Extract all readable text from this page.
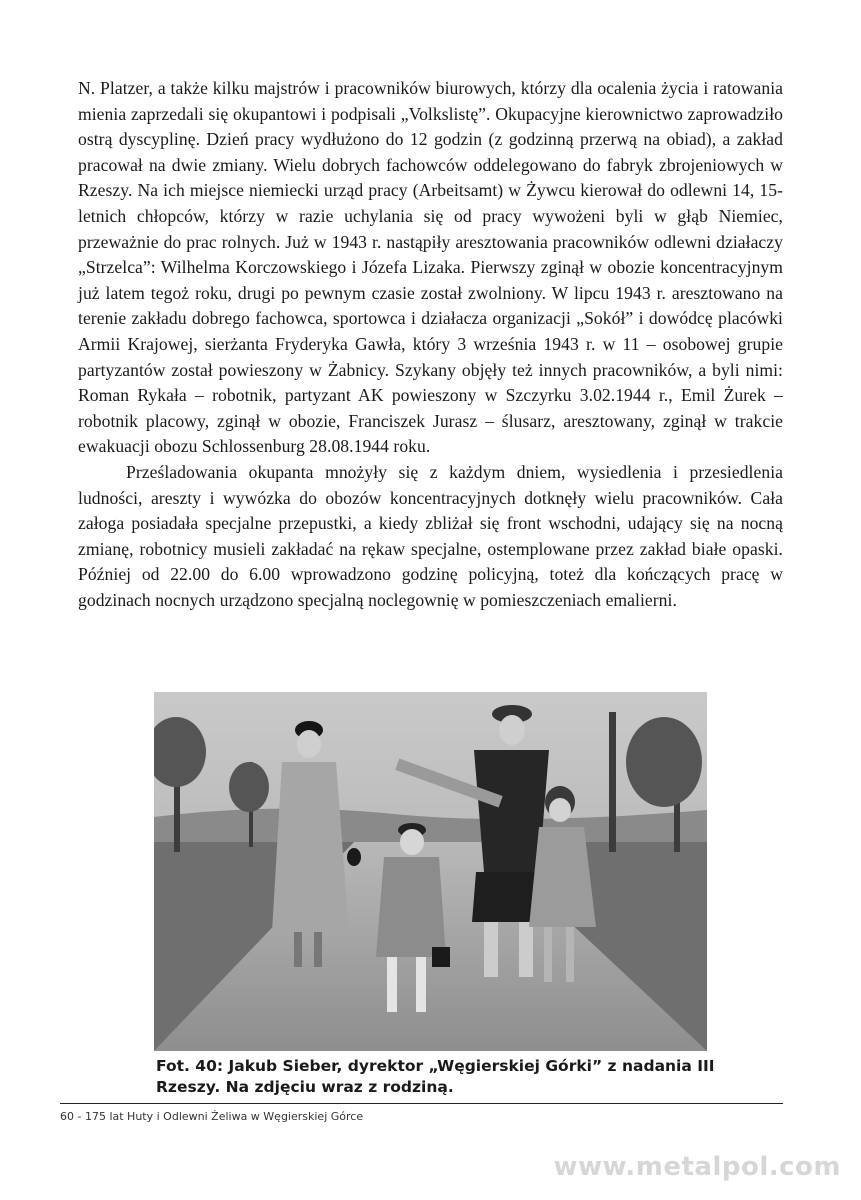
N. Platzer, a także kilku majstrów i pracowników biurowych, którzy dla ocalenia życia i ratowania mienia zaprzedali się okupantowi i podpisali „Volkslistę”. Okupacyjne kierownictwo zaprowadziło ostrą dyscyplinę. Dzień pracy wydłużono do 12 godzin (z godzinną przerwą na obiad), a zakład pracował na dwie zmiany. Wielu dobrych fachowców oddelegowano do fabryk zbrojeniowych w Rzeszy. Na ich miejsce niemiecki urząd pracy (Arbeitsamt) w Żywcu kierował do odlewni 14, 15- letnich chłopców, którzy w razie uchylania się od pracy wywożeni byli w głąb Niemiec, przeważnie do prac rolnych. Już w 1943 r. nastąpiły aresztowania pracowników odlewni działaczy „Strzelca”: Wilhelma Korczowskiego i Józefa Lizaka. Pierwszy zginął w obozie koncentracyjnym już latem tegoż roku, drugi po pewnym czasie został zwolniony. W lipcu 1943 r. aresztowano na terenie zakładu dobrego fachowca, sportowca i działacza organizacji „Sokół” i dowódcę placówki Armii Krajowej, sierżanta Fryderyka Gawła, który 3 września 1943 r. w 11 – osobowej grupie partyzantów został powieszony w Żabnicy. Szykany objęły też innych pracowników, a byli nimi: Roman Rykała – robotnik, partyzant AK powieszony w Szczyrku 3.02.1944 r., Emil Żurek – robotnik placowy, zginął w obozie, Franciszek Jurasz – ślusarz, aresztowany, zginął w trakcie ewakuacji obozu Schlossenburg 28.08.1944 roku.

Prześladowania okupanta mnożyły się z każdym dniem, wysiedlenia i przesiedlenia ludności, areszty i wywózka do obozów koncentracyjnych dotknęły wielu pracowników. Cała załoga posiadała specjalne przepustki, a kiedy zbliżał się front wschodni, udający się na nocną zmianę, robotnicy musieli zakładać na rękaw specjalne, ostemplowane przez zakład białe opaski. Później od 22.00 do 6.00 wprowadzono godzinę policyjną, toteż dla kończących pracę w godzinach nocnych urządzono specjalną noclegownię w pomieszczeniach emalierni.

Fot. 40: Jakub Sieber, dyrektor „Węgierskiej Górki” z nadania III Rzeszy. Na zdjęciu wraz z rodziną.
60 - 175 lat Huty i Odlewni Żeliwa w Węgierskiej Górce
www.metalpol.com
